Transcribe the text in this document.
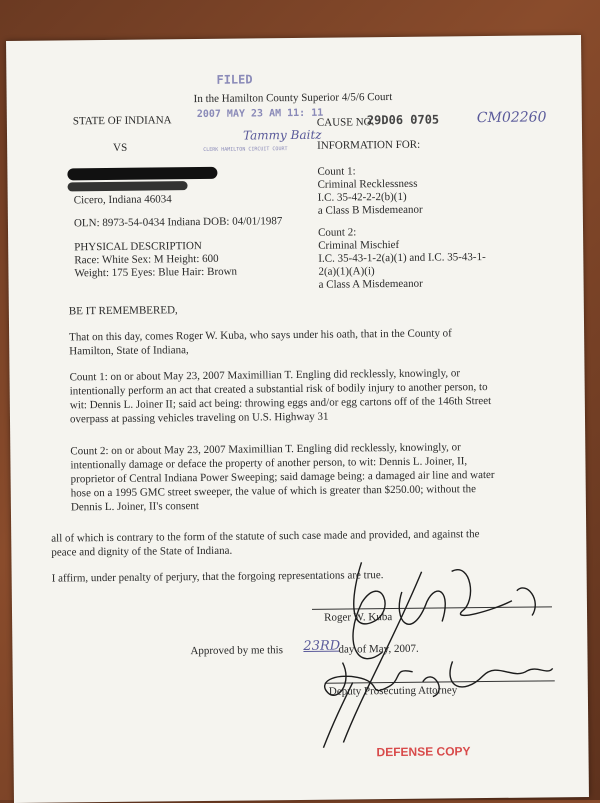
FILED
In the Hamilton County Superior 4/5/6 Court
2007 MAY 23 AM 11: 11
Tammy Baitz
CLERK HAMILTON CIRCUIT COURT
STATE OF INDIANA
VS
Cicero, Indiana 46034
OLN: 8973-54-0434 Indiana DOB: 04/01/1987
PHYSICAL DESCRIPTION
Race: White Sex: M Height: 600
Weight: 175 Eyes: Blue Hair: Brown
CAUSE NO.
29D06 0705	CM02260
INFORMATION FOR:
Count 1:
Criminal Recklessness
I.C. 35-42-2-2(b)(1)
a Class B Misdemeanor
Count 2:
Criminal Mischief
I.C. 35-43-1-2(a)(1) and I.C. 35-43-1-
2(a)(1)(A)(i)
a Class A Misdemeanor
BE IT REMEMBERED,
That on this day, comes Roger W. Kuba, who says under his oath, that in the County of
Hamilton, State of Indiana,
Count 1: on or about May 23, 2007 Maximillian T. Engling did recklessly, knowingly, or
intentionally perform an act that created a substantial risk of bodily injury to another person, to
wit: Dennis L. Joiner II; said act being: throwing eggs and/or egg cartons off of the 146th Street
overpass at passing vehicles traveling on U.S. Highway 31
Count 2: on or about May 23, 2007 Maximillian T. Engling did recklessly, knowingly, or
intentionally damage or deface the property of another person, to wit: Dennis L. Joiner, II,
proprietor of Central Indiana Power Sweeping; said damage being: a damaged air line and water
hose on a 1995 GMC street sweeper, the value of which is greater than $250.00; without the
Dennis L. Joiner, II's consent
all of which is contrary to the form of the statute of such case made and provided, and against the
peace and dignity of the State of Indiana.
I affirm, under penalty of perjury, that the forgoing representations are true.
Roger W. Kuba
Approved by me this 23RD
day of May, 2007.
Deputy Prosecuting Attorney
DEFENSE COPY
